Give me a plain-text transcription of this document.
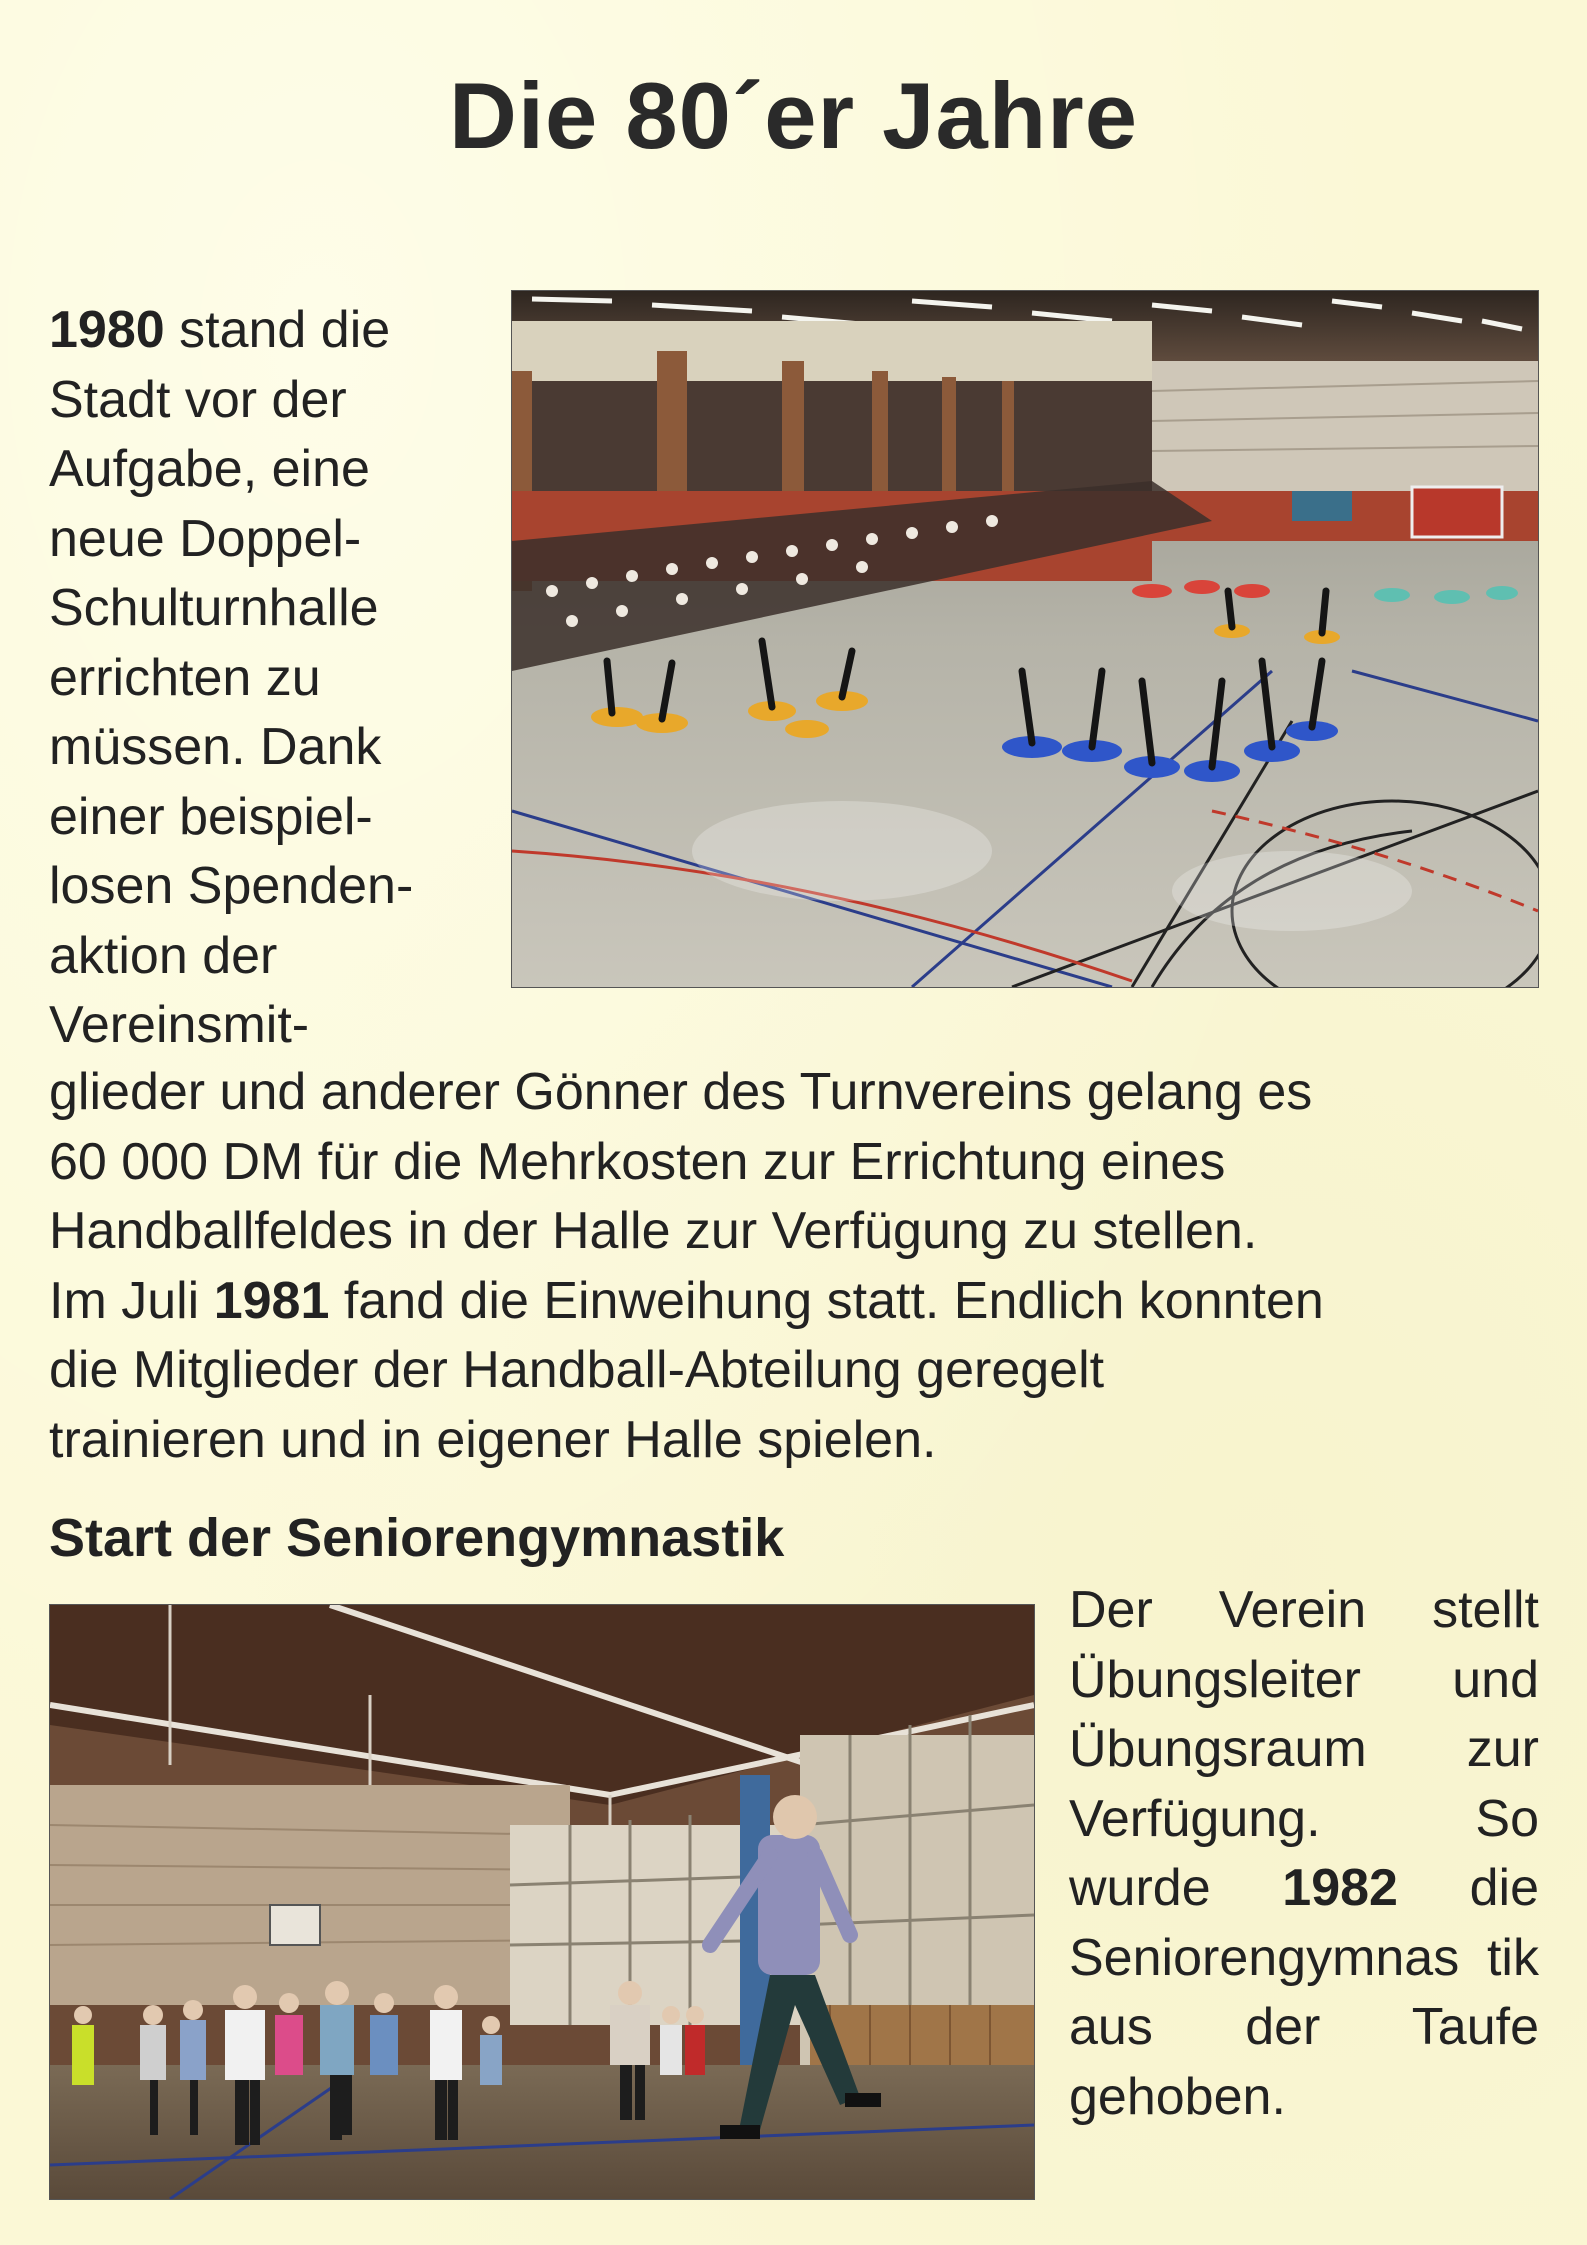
Die 80´er Jahre
1980 stand die
Stadt vor der
Aufgabe, eine
neue Doppel-
Schulturnhalle
errichten zu
müssen. Dank
einer beispiel-
losen Spenden-
aktion der
Vereinsmit-
glieder und anderer Gönner des Turnvereins gelang es
60 000 DM für die Mehrkosten zur Errichtung eines
Handballfeldes in der Halle zur Verfügung zu stellen.
Im Juli 1981 fand die Einweihung statt. Endlich konnten
die Mitglieder der Handball-Abteilung geregelt
trainieren und in eigener Halle spielen.
Start der Seniorengymnastik
Der Verein stellt Übungsleiter und Übungsraum zur Verfügung. So wurde 1982 die Seniorengymnas tik aus der Taufe gehoben.
